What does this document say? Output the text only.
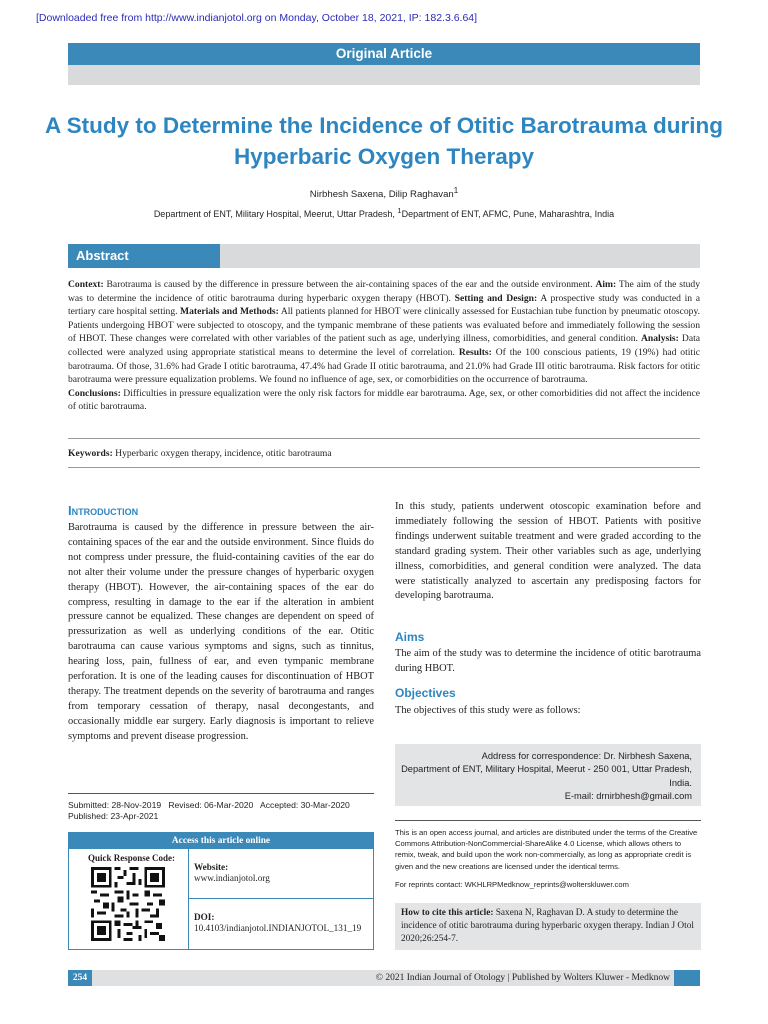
[Downloaded free from http://www.indianjotol.org on Monday, October 18, 2021, IP: 182.3.6.64]
Original Article
A Study to Determine the Incidence of Otitic Barotrauma during Hyperbaric Oxygen Therapy
Nirbhesh Saxena, Dilip Raghavan$^1$
Department of ENT, Military Hospital, Meerut, Uttar Pradesh, $^1$Department of ENT, AFMC, Pune, Maharashtra, India
Abstract
Context: Barotrauma is caused by the difference in pressure between the air-containing spaces of the ear and the outside environment. Aim: The aim of the study was to determine the incidence of otitic barotrauma during hyperbaric oxygen therapy (HBOT). Setting and Design: A prospective study was conducted in a tertiary care hospital setting. Materials and Methods: All patients planned for HBOT were clinically assessed for Eustachian tube function by pneumatic otoscopy. Patients undergoing HBOT were subjected to otoscopy, and the tympanic membrane of these patients was evaluated before and immediately following the session of HBOT. These changes were correlated with other variables of the patient such as age, underlying illness, comorbidities, and general condition. Analysis: Data collected were analyzed using appropriate statistical means to determine the level of correlation. Results: Of the 100 conscious patients, 19 (19%) had otitic barotrauma. Of those, 31.6% had Grade I otitic barotrauma, 47.4% had Grade II otitic barotrauma, and 21.0% had Grade III otitic barotrauma. Risk factors for otitic barotrauma were pressure equalization problems. We found no influence of age, sex, or comorbidities on the occurrence of barotrauma.
Conclusions: Difficulties in pressure equalization were the only risk factors for middle ear barotrauma. Age, sex, or other comorbidities did not affect the incidence of otitic barotrauma.
Keywords: Hyperbaric oxygen therapy, incidence, otitic barotrauma
Introduction
Barotrauma is caused by the difference in pressure between the air-containing spaces of the ear and the outside environment. Since fluids do not compress under pressure, the fluid-containing cavities of the ear do not alter their volume under the pressure changes of hyperbaric oxygen therapy (HBOT). However, the air-containing spaces of the ear do compress, resulting in damage to the ear if the alteration in ambient pressure cannot be equalized. These changes are dependent on speed of pressurization as well as underlying conditions of the ear. Otitic barotrauma can cause various symptoms and signs, such as tinnitus, hearing loss, pain, fullness of ear, and even tympanic membrane perforation. It is one of the leading causes for discontinuation of HBOT therapy. The treatment depends on the severity of barotrauma and ranges from temporary cessation of therapy, nasal decongestants, and occasionally middle ear surgery. Early diagnosis is important to relieve symptoms and prevent disease progression.
In this study, patients underwent otoscopic examination before and immediately following the session of HBOT. Patients with positive findings underwent suitable treatment and were graded according to the standard grading system. Their other variables such as age, underlying illness, comorbidities, and general condition were analyzed. The data were statistically analyzed to ascertain any predisposing factors for developing barotrauma.
Aims
The aim of the study was to determine the incidence of otitic barotrauma during HBOT.
Objectives
The objectives of this study were as follows:
Address for correspondence: Dr. Nirbhesh Saxena,
Department of ENT, Military Hospital, Meerut - 250 001, Uttar Pradesh,
India.
E-mail: drnirbhesh@gmail.com
Submitted: 28-Nov-2019   Revised: 06-Mar-2020   Accepted: 30-Mar-2020
Published: 23-Apr-2021
Access this article online
Quick Response Code:
Website:
www.indianjotol.org
DOI:
10.4103/indianjotol.INDIANJOTOL_131_19
This is an open access journal, and articles are distributed under the terms of the Creative Commons Attribution-NonCommercial-ShareAlike 4.0 License, which allows others to remix, tweak, and build upon the work non-commercially, as long as appropriate credit is given and the new creations are licensed under the identical terms.
For reprints contact: WKHLRPMedknow_reprints@wolterskluwer.com
How to cite this article: Saxena N, Raghavan D. A study to determine the incidence of otitic barotrauma during hyperbaric oxygen therapy. Indian J Otol 2020;26:254-7.
254	© 2021 Indian Journal of Otology | Published by Wolters Kluwer - Medknow
